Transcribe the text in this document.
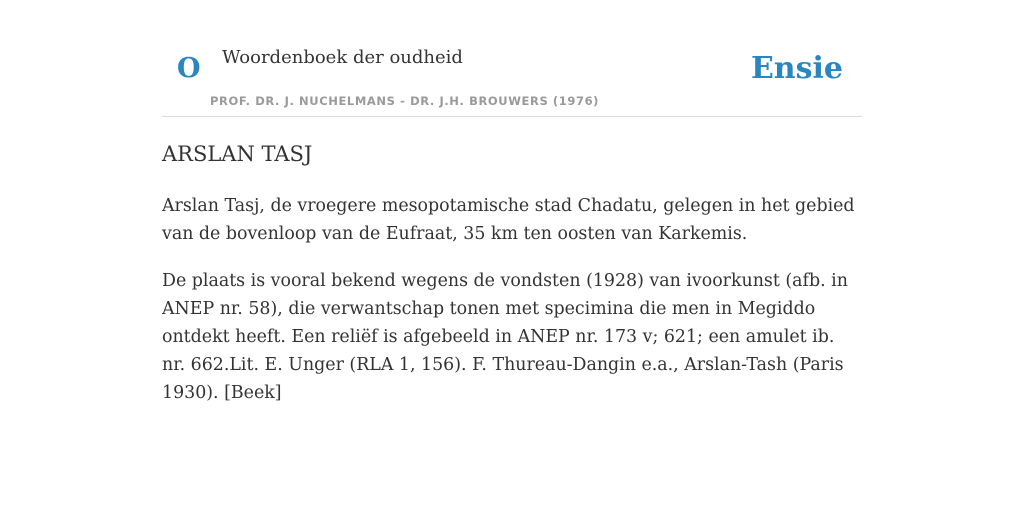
O Woordenboek der oudheid
PROF. DR. J. NUCHELMANS - DR. J.H. BROUWERS (1976)
Ensie
ARSLAN TASJ

Arslan Tasj, de vroegere mesopotamische stad Chadatu, gelegen in het gebied van de bovenloop van de Eufraat, 35 km ten oosten van Karkemis.

De plaats is vooral bekend wegens de vondsten (1928) van ivoorkunst (afb. in ANEP nr. 58), die verwantschap tonen met specimina die men in Megiddo ontdekt heeft. Een reliëf is afgebeeld in ANEP nr. 173 v; 621; een amulet ib. nr. 662.Lit. E. Unger (RLA 1, 156). F. Thureau-Dangin e.a., Arslan-Tash (Paris 1930). [Beek]
